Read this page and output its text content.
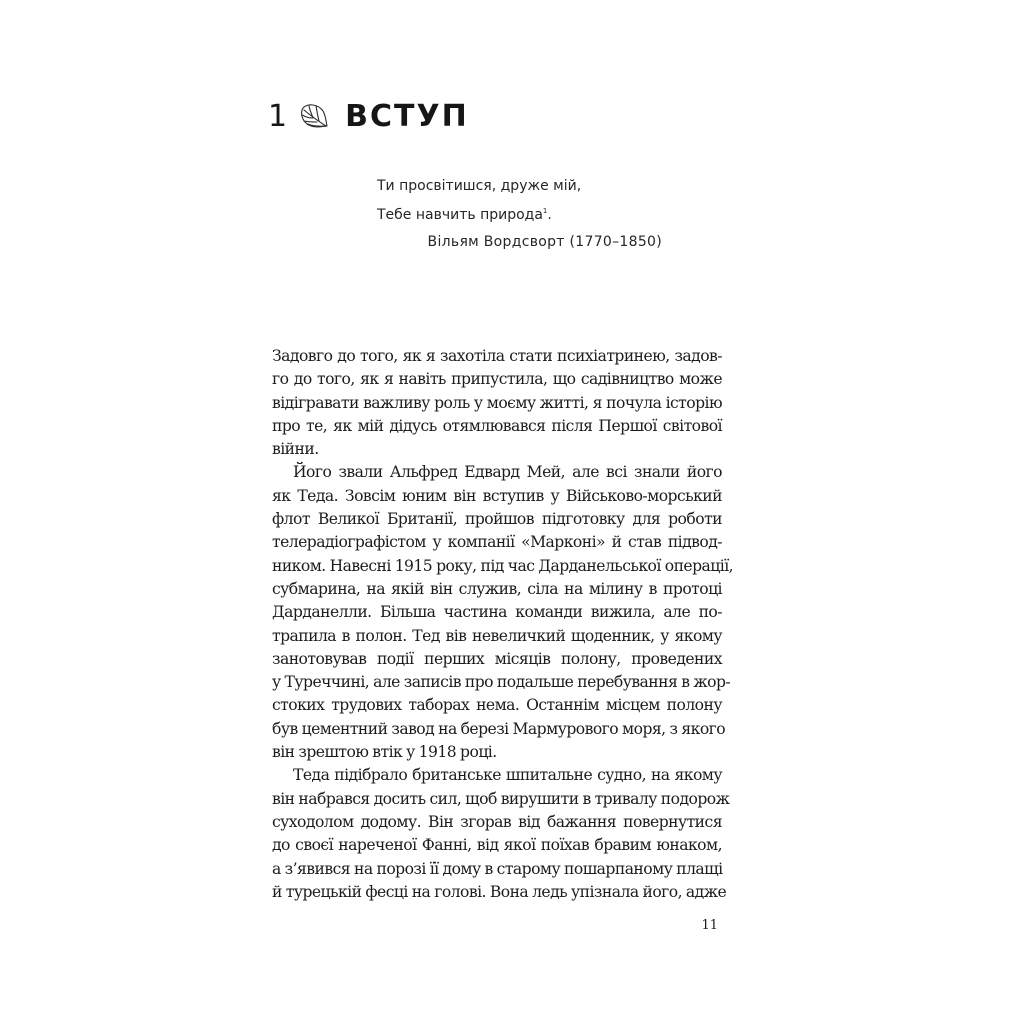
1 ВСТУП
Ти просвітишся, друже мій,
Тебе навчить природа$^1$.
Вільям Вордсворт (1770–1850)
Задовго до того, як я захотіла стати психіатринею, задов-
го до того, як я навіть припустила, що садівництво може
відігравати важливу роль у моєму житті, я почула історію
про те, як мій дідусь отямлювався після Першої світової
війни.
Його звали Альфред Едвард Мей, але всі знали його
як Теда. Зовсім юним він вступив у Військово-морський
флот Великої Британії, пройшов підготовку для роботи
телерадіографістом у компанії «Марконі» й став підвод-
ником. Навесні 1915 року, під час Дарданельської операції,
субмарина, на якій він служив, сіла на мілину в протоці
Дарданелли. Більша частина команди вижила, але по-
трапила в полон. Тед вів невеличкий щоденник, у якому
занотовував події перших місяців полону, проведених
у Туреччині, але записів про подальше перебування в жор-
стоких трудових таборах нема. Останнім місцем полону
був цементний завод на березі Мармурового моря, з якого
він зрештою втік у 1918 році.
Теда підібрало британське шпитальне судно, на якому
він набрався досить сил, щоб вирушити в тривалу подорож
суходолом додому. Він згорав від бажання повернутися
до своєї нареченої Фанні, від якої поїхав бравим юнаком,
а з’явився на порозі її дому в старому пошарпаному плащі
й турецькій фесці на голові. Вона ледь упізнала його, адже
11
